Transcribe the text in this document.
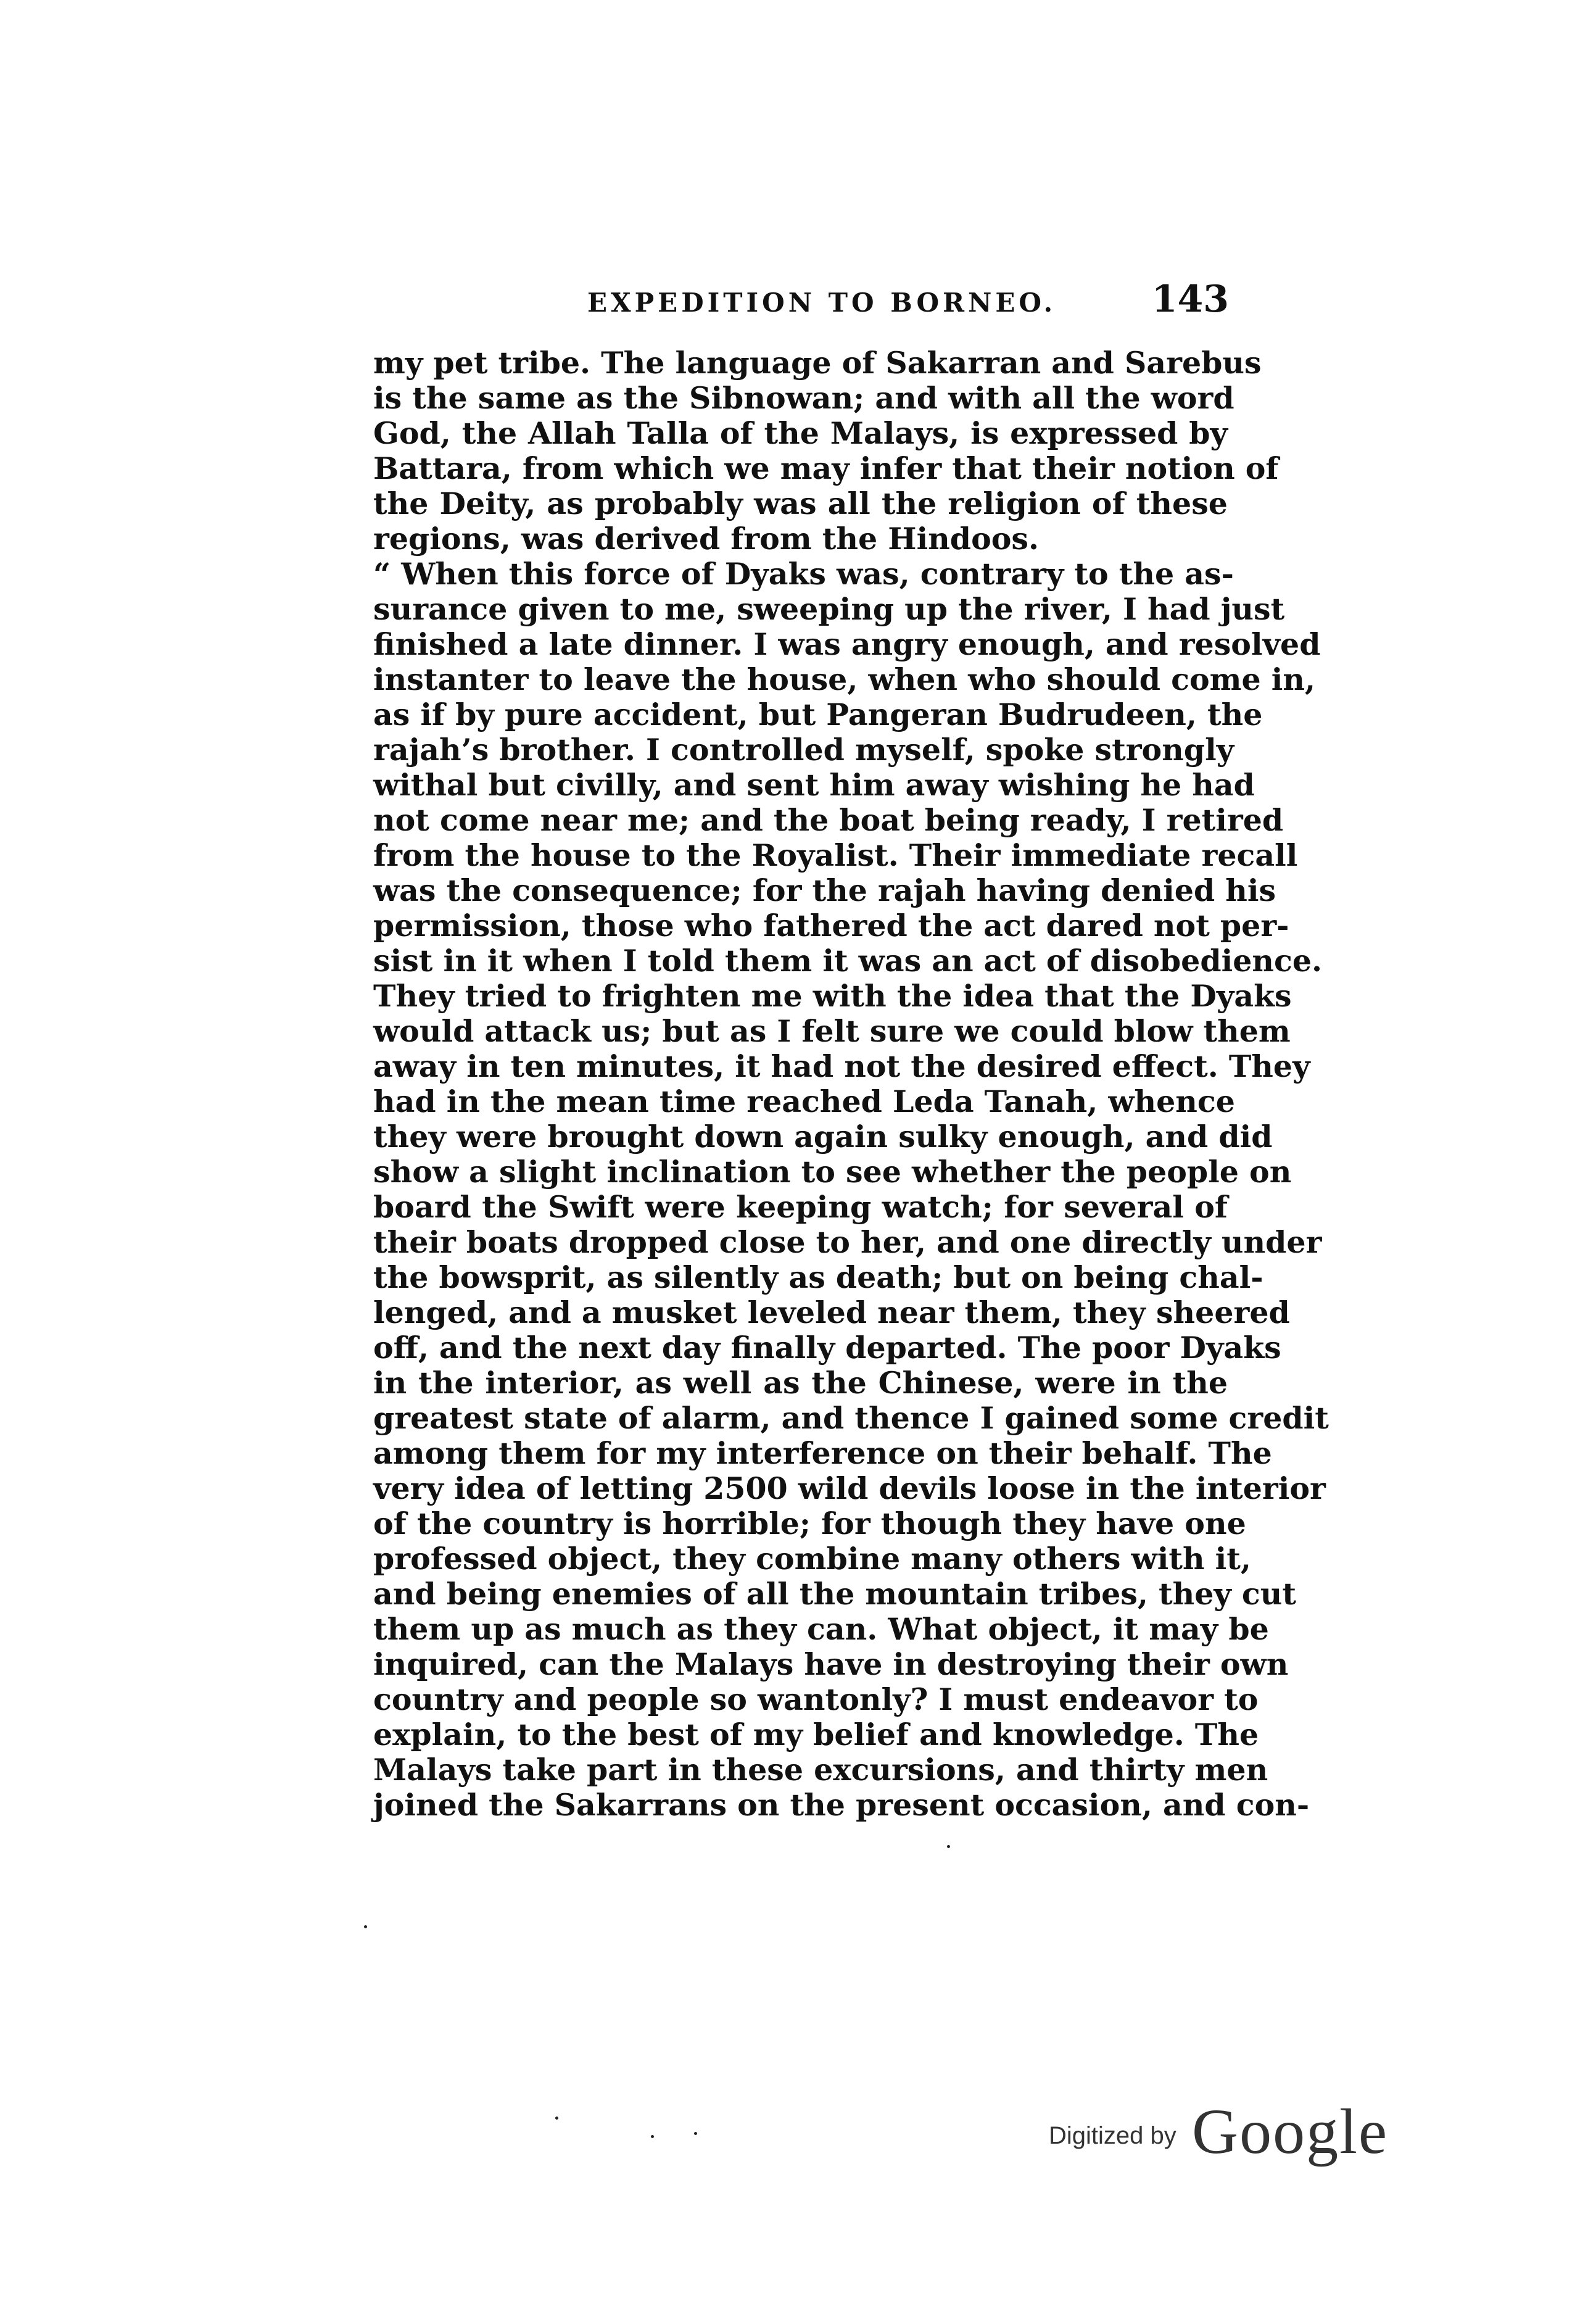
EXPEDITION TO BORNEO.	143
my pet tribe. The language of Sakarran and Sarebus
is the same as the Sibnowan; and with all the word
God, the Allah Talla of the Malays, is expressed by
Battara, from which we may infer that their notion of
the Deity, as probably was all the religion of these
regions, was derived from the Hindoos.
“ When this force of Dyaks was, contrary to the as-
surance given to me, sweeping up the river, I had just
finished a late dinner. I was angry enough, and resolved
instanter to leave the house, when who should come in,
as if by pure accident, but Pangeran Budrudeen, the
rajah’s brother. I controlled myself, spoke strongly
withal but civilly, and sent him away wishing he had
not come near me; and the boat being ready, I retired
from the house to the Royalist. Their immediate recall
was the consequence; for the rajah having denied his
permission, those who fathered the act dared not per-
sist in it when I told them it was an act of disobedience.
They tried to frighten me with the idea that the Dyaks
would attack us; but as I felt sure we could blow them
away in ten minutes, it had not the desired effect. They
had in the mean time reached Leda Tanah, whence
they were brought down again sulky enough, and did
show a slight inclination to see whether the people on
board the Swift were keeping watch; for several of
their boats dropped close to her, and one directly under
the bowsprit, as silently as death; but on being chal-
lenged, and a musket leveled near them, they sheered
off, and the next day finally departed. The poor Dyaks
in the interior, as well as the Chinese, were in the
greatest state of alarm, and thence I gained some credit
among them for my interference on their behalf. The
very idea of letting 2500 wild devils loose in the interior
of the country is horrible; for though they have one
professed object, they combine many others with it,
and being enemies of all the mountain tribes, they cut
them up as much as they can. What object, it may be
inquired, can the Malays have in destroying their own
country and people so wantonly? I must endeavor to
explain, to the best of my belief and knowledge. The
Malays take part in these excursions, and thirty men
joined the Sakarrans on the present occasion, and con-
Digitized by Google
